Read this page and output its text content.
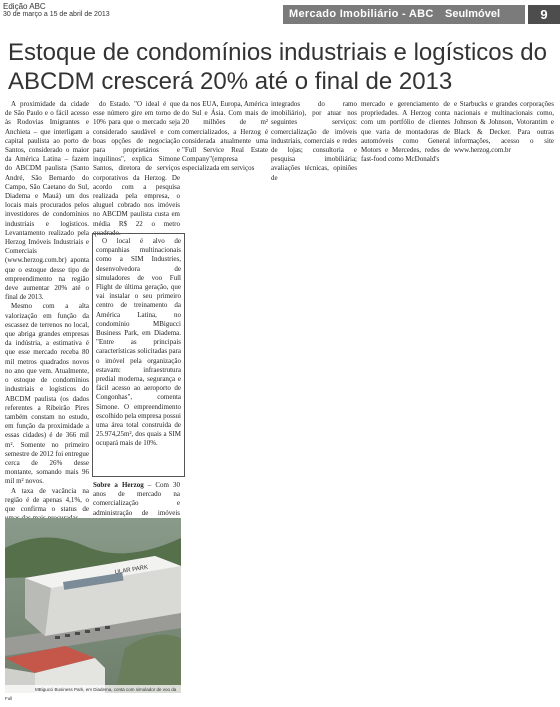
Edição ABC
30 de março a 15 de abril de 2013	Mercado Imobiliário - ABC SeuImóvel	9
Estoque de condomínios industriais e logísticos do ABCDM crescerá 20% até o final de 2013

A proximidade da cidade de São Paulo e o fácil acesso às Rodovias Imigrantes e Anchieta – que interligam a capital paulista ao porto de Santos, considerado o maior da América Latina – fazem do ABCDM paulista (Santo André, São Bernardo do Campo, São Caetano do Sul, Diadema e Mauá) um dos locais mais procurados pelos investidores de condomínios industriais e logísticos. Levantamento realizado pela Herzog Imóveis Industriais e Comerciais (www.herzog.com.br) aponta que o estoque desse tipo de empreendimento na região deve aumentar 20% até o final de 2013.

Mesmo com a alta valorização em função da escassez de terrenos no local, que abriga grandes empresas da indústria, a estimativa é que esse mercado receba 80 mil metros quadrados novos no ano que vem. Atualmente, o estoque de condomínios industriais e logísticos do ABCDM paulista (os dados referentes a Ribeirão Pires também constam no estudo, em função da proximidade a essas cidades) é de 366 mil m². Somente no primeiro semestre de 2012 foi entregue cerca de 26% desse montante, somando mais 96 mil m² novos.

A taxa de vacância na região é de apenas 4,1%, o que confirma o status de

do Estado. "O ideal é que esse número gire em torno de 10% para que o mercado seja considerado saudável e com boas opções de negociação para proprietários e inquilinos", explica Simone Santos, diretora de serviços corporativos da Herzog. De acordo com a pesquisa realizada pela empresa, o aluguel cobrado nos imóveis no ABCDM paulista custa em média R$ 22 o metro quadrado.

O local é alvo de companhias multinacionais como a SIM Industries, desenvolvedora de simuladores de voo Full Flight de última geração, que vai instalar o seu primeiro centro de treinamento da América Latina, no condomínio MBigucci Business Park, em Diadema. "Entre as principais características solicitadas para o imóvel pela organização estavam: infraestrutura predial moderna, segurança e fácil acesso ao aeroporto de Congonhas", comenta Simone. O empreendimento escolhido pela empresa possui uma área total construída de 25.974,25m², dos quais a SIM ocupará mais de 10%.
Sobre a Herzog – Com 30 anos de mercado na comercialização e administração de imóveis

da nos EUA, Europa, América do Sul e Ásia. Com mais de 20 milhões de m² comercializados, a Herzog é considerada atualmente uma "Full Service Real Estate Company"(empresa especializada em serviços

integrados do ramo imobiliário), por atuar nos seguintes serviços: comercialização de imóveis industriais, comerciais e redes de lojas; consultoria e pesquisa imobiliária; avaliações técnicas, opiniões de

mercado e gerenciamento de propriedades. A Herzog conta com um portfólio de clientes que varia de montadoras de automóveis como General Motors e Mercedes, redes de fast-food como McDonald's

e Starbucks e grandes corporações nacionais e multinacionais como, Johnson & Johnson, Votorantim e Black & Decker. Para outras informações, acesso o site www.herzog.com.br

ULAR PARK
MBigucci Business Park, em Diadema, conta com simulador de voo da Full
